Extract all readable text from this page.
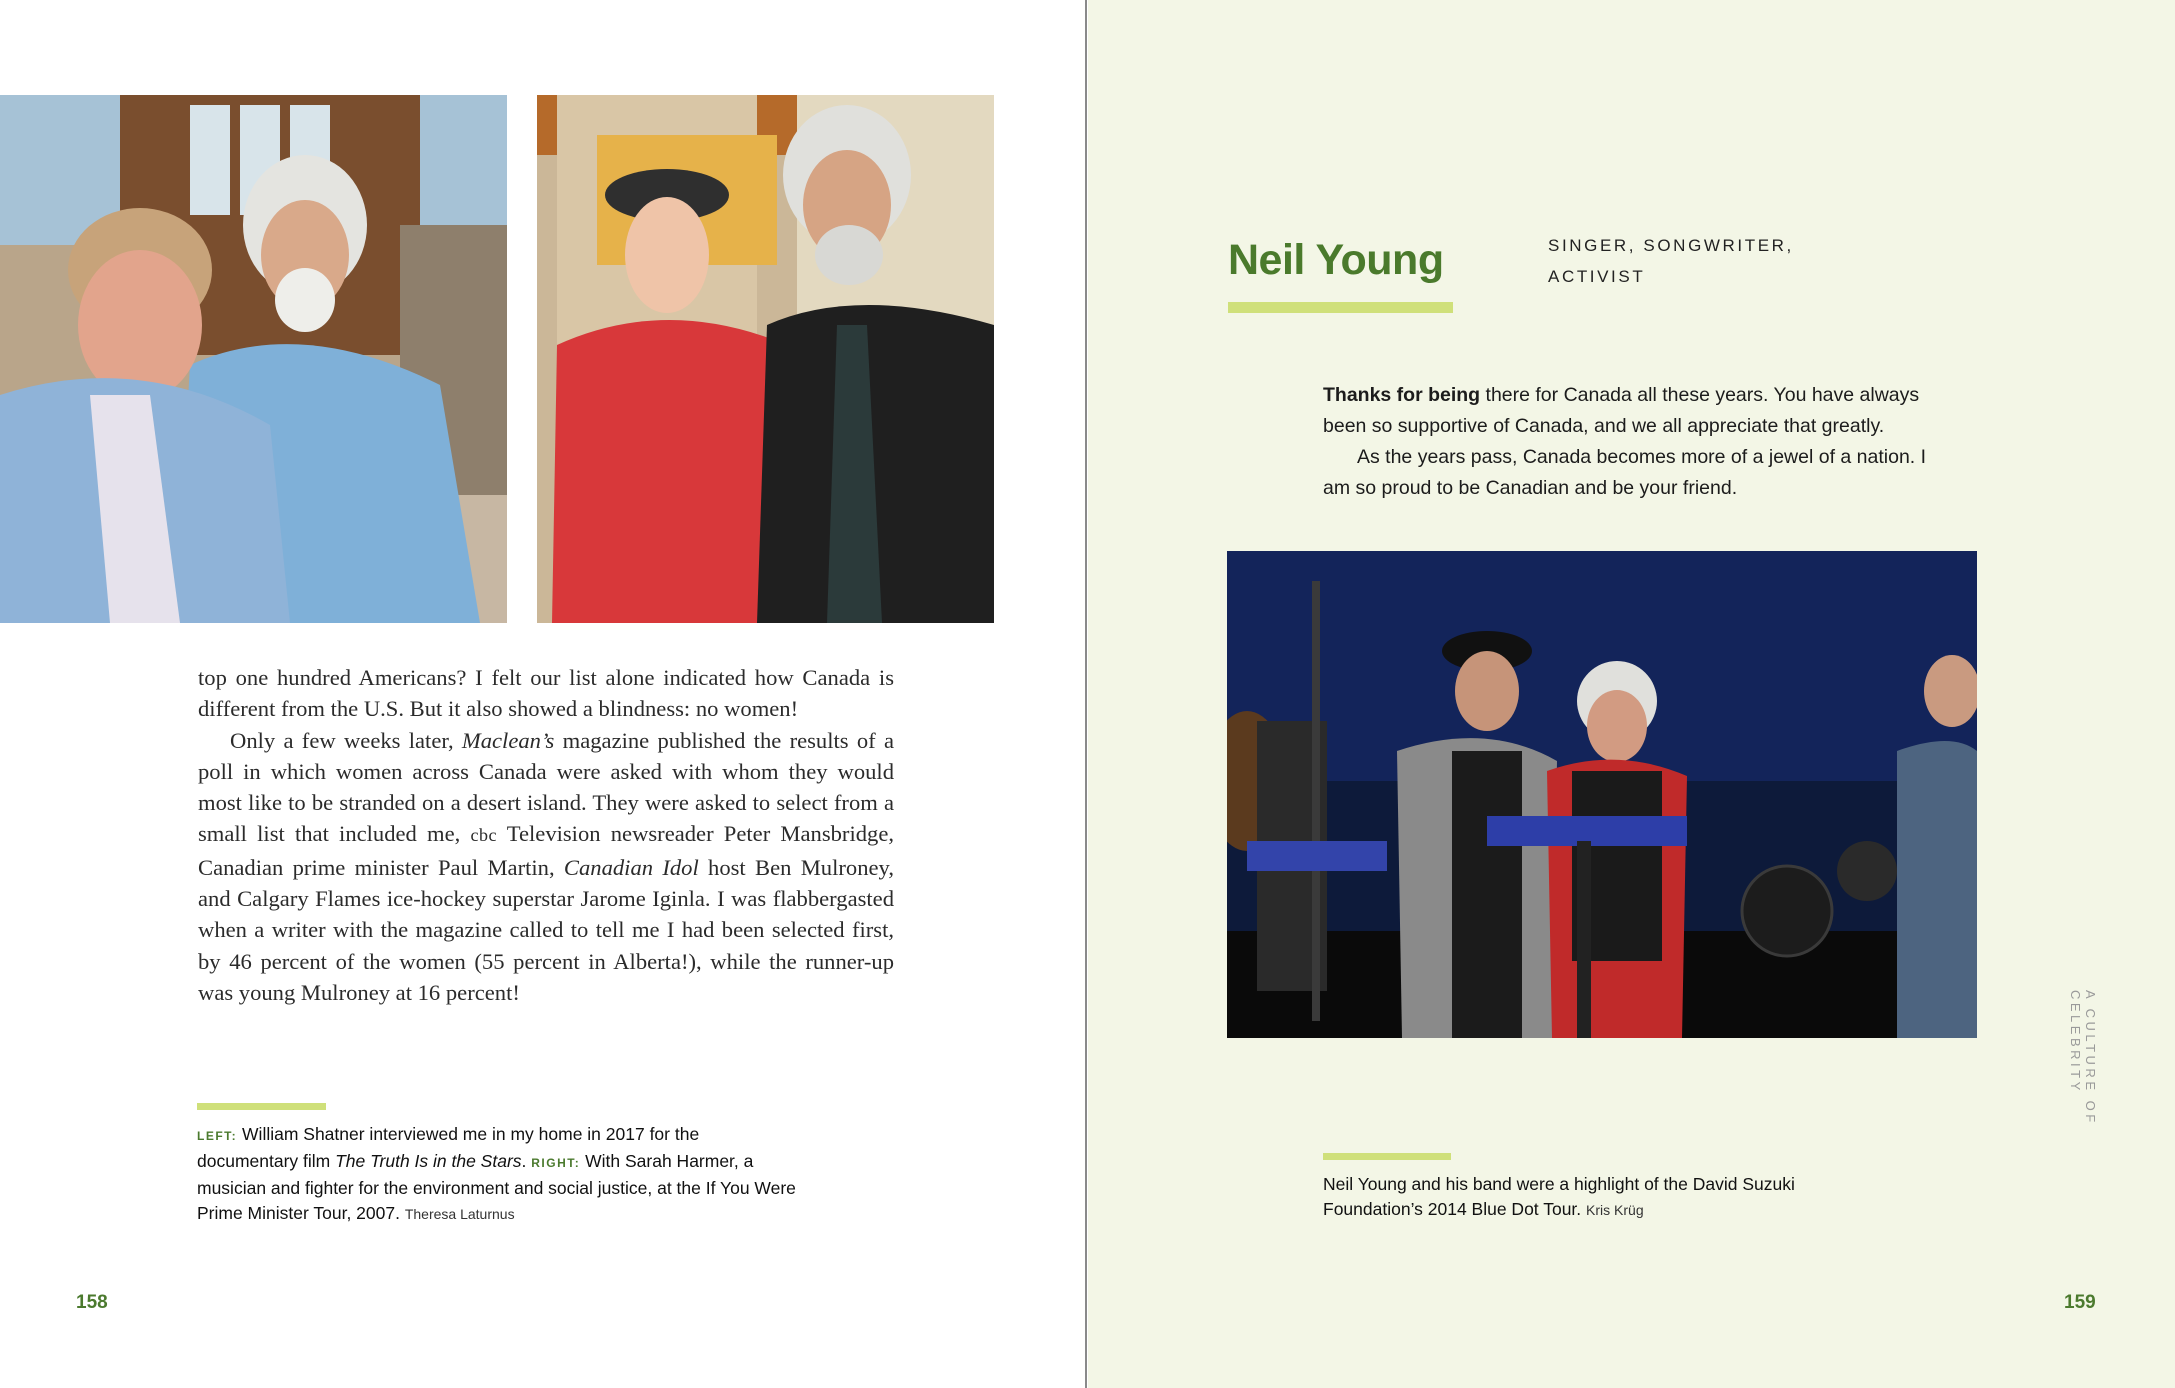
top one hundred Americans? I felt our list alone indicated how Canada is different from the U.S. But it also showed a blindness: no women!

Only a few weeks later, Maclean’s magazine published the results of a poll in which women across Canada were asked with whom they would most like to be stranded on a desert island. They were asked to select from a small list that included me, cbc Television newsreader Peter Mansbridge, Canadian prime minister Paul Martin, Canadian Idol host Ben Mulroney, and Calgary Flames ice-hockey superstar Jarome Iginla. I was flabbergasted when a writer with the magazine called to tell me I had been selected first, by 46 percent of the women (55 percent in Alberta!), while the runner-up was young Mulroney at 16 percent!

LEFT: William Shatner interviewed me in my home in 2017 for the documentary film The Truth Is in the Stars. RIGHT: With Sarah Harmer, a musician and fighter for the environment and social justice, at the If You Were Prime Minister Tour, 2007. Theresa Laturnus
158
Neil Young	SINGER, SONGWRITER, ACTIVIST

Thanks for being there for Canada all these years. You have always been so supportive of Canada, and we all appreciate that greatly.

As the years pass, Canada becomes more of a jewel of a nation. I am so proud to be Canadian and be your friend.

Neil Young and his band were a highlight of the David Suzuki Foundation’s 2014 Blue Dot Tour. Kris Krüg
A CULTURE OF CELEBRITY
159
